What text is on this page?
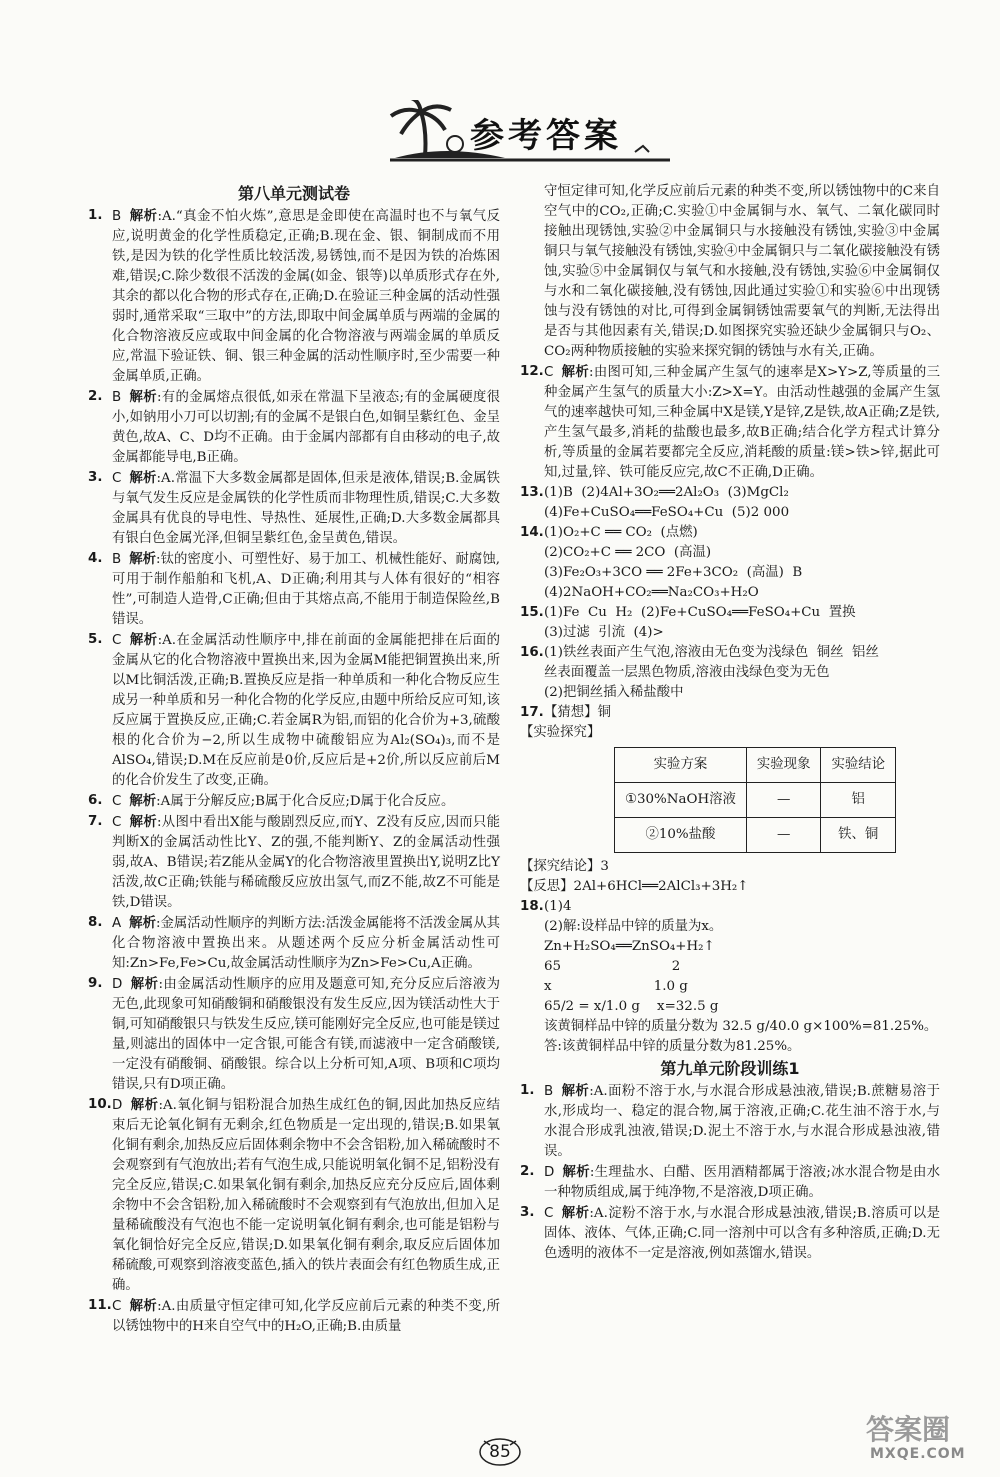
参考答案
第八单元测试卷
1. B 解析:A.“真金不怕火炼”,意思是金即使在高温时也不与氧气反应,说明黄金的化学性质稳定,正确;B.现在金、银、铜制成而不用铁,是因为铁的化学性质比较活泼,易锈蚀,而不是因为铁的冶炼困难,错误;C.除少数很不活泼的金属(如金、银等)以单质形式存在外,其余的都以化合物的形式存在,正确;D.在验证三种金属的活动性强弱时,通常采取“三取中”的方法,即取中间金属单质与两端的金属的化合物溶液反应或取中间金属的化合物溶液与两端金属的单质反应,常温下验证铁、铜、银三种金属的活动性顺序时,至少需要一种金属单质,正确。
2. B 解析:有的金属熔点很低,如汞在常温下呈液态;有的金属硬度很小,如钠用小刀可以切割;有的金属不是银白色,如铜呈紫红色、金呈黄色,故A、C、D均不正确。由于金属内部都有自由移动的电子,故金属都能导电,B正确。
3. C 解析:A.常温下大多数金属都是固体,但汞是液体,错误;B.金属铁与氧气发生反应是金属铁的化学性质而非物理性质,错误;C.大多数金属具有优良的导电性、导热性、延展性,正确;D.大多数金属都具有银白色金属光泽,但铜呈紫红色,金呈黄色,错误。
4. B 解析:钛的密度小、可塑性好、易于加工、机械性能好、耐腐蚀,可用于制作船舶和飞机,A、D正确;利用其与人体有很好的“相容性”,可制造人造骨,C正确;但由于其熔点高,不能用于制造保险丝,B错误。
5. C 解析:A.在金属活动性顺序中,排在前面的金属能把排在后面的金属从它的化合物溶液中置换出来,因为金属M能把铜置换出来,所以M比铜活泼,正确;B.置换反应是指一种单质和一种化合物反应生成另一种单质和另一种化合物的化学反应,由题中所给反应可知,该反应属于置换反应,正确;C.若金属R为铝,而铝的化合价为+3,硫酸根的化合价为−2,所以生成物中硫酸铝应为Al₂(SO₄)₃,而不是AlSO₄,错误;D.M在反应前是0价,反应后是+2价,所以反应前后M的化合价发生了改变,正确。
6. C 解析:A属于分解反应;B属于化合反应;D属于化合反应。
7. C 解析:从图中看出X能与酸剧烈反应,而Y、Z没有反应,因而只能判断X的金属活动性比Y、Z的强,不能判断Y、Z的金属活动性强弱,故A、B错误;若Z能从金属Y的化合物溶液里置换出Y,说明Z比Y活泼,故C正确;铁能与稀硫酸反应放出氢气,而Z不能,故Z不可能是铁,D错误。
8. A 解析:金属活动性顺序的判断方法:活泼金属能将不活泼金属从其化合物溶液中置换出来。从题述两个反应分析金属活动性可知:Zn>Fe,Fe>Cu,故金属活动性顺序为Zn>Fe>Cu,A正确。
9. D 解析:由金属活动性顺序的应用及题意可知,充分反应后溶液为无色,此现象可知硝酸铜和硝酸银没有发生反应,因为镁活动性大于铜,可知硝酸银只与铁发生反应,镁可能刚好完全反应,也可能是镁过量,则滤出的固体中一定含银,可能含有镁,而滤液中一定含硝酸镁,一定没有硝酸铜、硝酸银。综合以上分析可知,A项、B项和C项均错误,只有D项正确。
10. D 解析:A.氧化铜与铝粉混合加热生成红色的铜,因此加热反应结束后无论氧化铜有无剩余,红色物质是一定出现的,错误;B.如果氧化铜有剩余,加热反应后固体剩余物中不会含铝粉,加入稀硫酸时不会观察到有气泡放出;若有气泡生成,只能说明氧化铜不足,铝粉没有完全反应,错误;C.如果氧化铜有剩余,加热反应充分反应后,固体剩余物中不会含铝粉,加入稀硫酸时不会观察到有气泡放出,但加入足量稀硫酸没有气泡也不能一定说明氧化铜有剩余,也可能是铝粉与氧化铜恰好完全反应,错误;D.如果氧化铜有剩余,取反应后固体加稀硫酸,可观察到溶液变蓝色,插入的铁片表面会有红色物质生成,正确。
11. C 解析:A.由质量守恒定律可知,化学反应前后元素的种类不变,所以锈蚀物中的H来自空气中的H₂O,正确;B.由质量
守恒定律可知,化学反应前后元素的种类不变,所以锈蚀物中的C来自空气中的CO₂,正确;C.实验①中金属铜与水、氧气、二氧化碳同时接触出现锈蚀,实验②中金属铜只与水接触没有锈蚀,实验③中金属铜只与氧气接触没有锈蚀,实验④中金属铜只与二氧化碳接触没有锈蚀,实验⑤中金属铜仅与氧气和水接触,没有锈蚀,实验⑥中金属铜仅与水和二氧化碳接触,没有锈蚀,因此通过实验①和实验⑥中出现锈蚀与没有锈蚀的对比,可得到金属铜锈蚀需要氧气的判断,无法得出是否与其他因素有关,错误;D.如图探究实验还缺少金属铜只与O₂、CO₂两种物质接触的实验来探究铜的锈蚀与水有关,正确。
12. C 解析:由图可知,三种金属产生氢气的速率是X>Y>Z,等质量的三种金属产生氢气的质量大小:Z>X=Y。由活动性越强的金属产生氢气的速率越快可知,三种金属中X是镁,Y是锌,Z是铁,故A正确;Z是铁,产生氢气最多,消耗的盐酸也最多,故B正确;结合化学方程式计算分析,等质量的金属若要都完全反应,消耗酸的质量:镁>铁>锌,据此可知,过量,锌、铁可能反应完,故C不正确,D正确。
13. (1)B  (2)4Al+3O₂══2Al₂O₃  (3)MgCl₂
(4)Fe+CuSO₄══FeSO₄+Cu  (5)2 000
14. (1)O₂+C ══ CO₂  (点燃)
(2)CO₂+C ══ 2CO  (高温)
(3)Fe₂O₃+3CO ══ 2Fe+3CO₂  (高温)  B
(4)2NaOH+CO₂══Na₂CO₃+H₂O
15. (1)Fe  Cu  H₂  (2)Fe+CuSO₄══FeSO₄+Cu  置换
(3)过滤  引流  (4)>
16. (1)铁丝表面产生气泡,溶液由无色变为浅绿色  铜丝  铝丝
丝表面覆盖一层黑色物质,溶液由浅绿色变为无色
(2)把铜丝插入稀盐酸中
17. 【猜想】铜
【实验探究】
实验方案	实验现象	实验结论
①30%NaOH溶液	—	铝
②10%盐酸	—	铁、铜
【探究结论】3
【反思】2Al+6HCl══2AlCl₃+3H₂↑
18. (1)4
(2)解:设样品中锌的质量为x。
Zn+H₂SO₄══ZnSO₄+H₂↑
65                          2
x                        1.0 g
65/2 = x/1.0 g    x=32.5 g
该黄铜样品中锌的质量分数为 32.5 g/40.0 g×100%=81.25%。
答:该黄铜样品中锌的质量分数为81.25%。
第九单元阶段训练1
1. B 解析:A.面粉不溶于水,与水混合形成悬浊液,错误;B.蔗糖易溶于水,形成均一、稳定的混合物,属于溶液,正确;C.花生油不溶于水,与水混合形成乳浊液,错误;D.泥土不溶于水,与水混合形成悬浊液,错误。
2. D 解析:生理盐水、白醋、医用酒精都属于溶液;冰水混合物是由水一种物质组成,属于纯净物,不是溶液,D项正确。
3. C 解析:A.淀粉不溶于水,与水混合形成悬浊液,错误;B.溶质可以是固体、液体、气体,正确;C.同一溶剂中可以含有多种溶质,正确;D.无色透明的液体不一定是溶液,例如蒸馏水,错误。
85
答案圈
MXQE.COM
